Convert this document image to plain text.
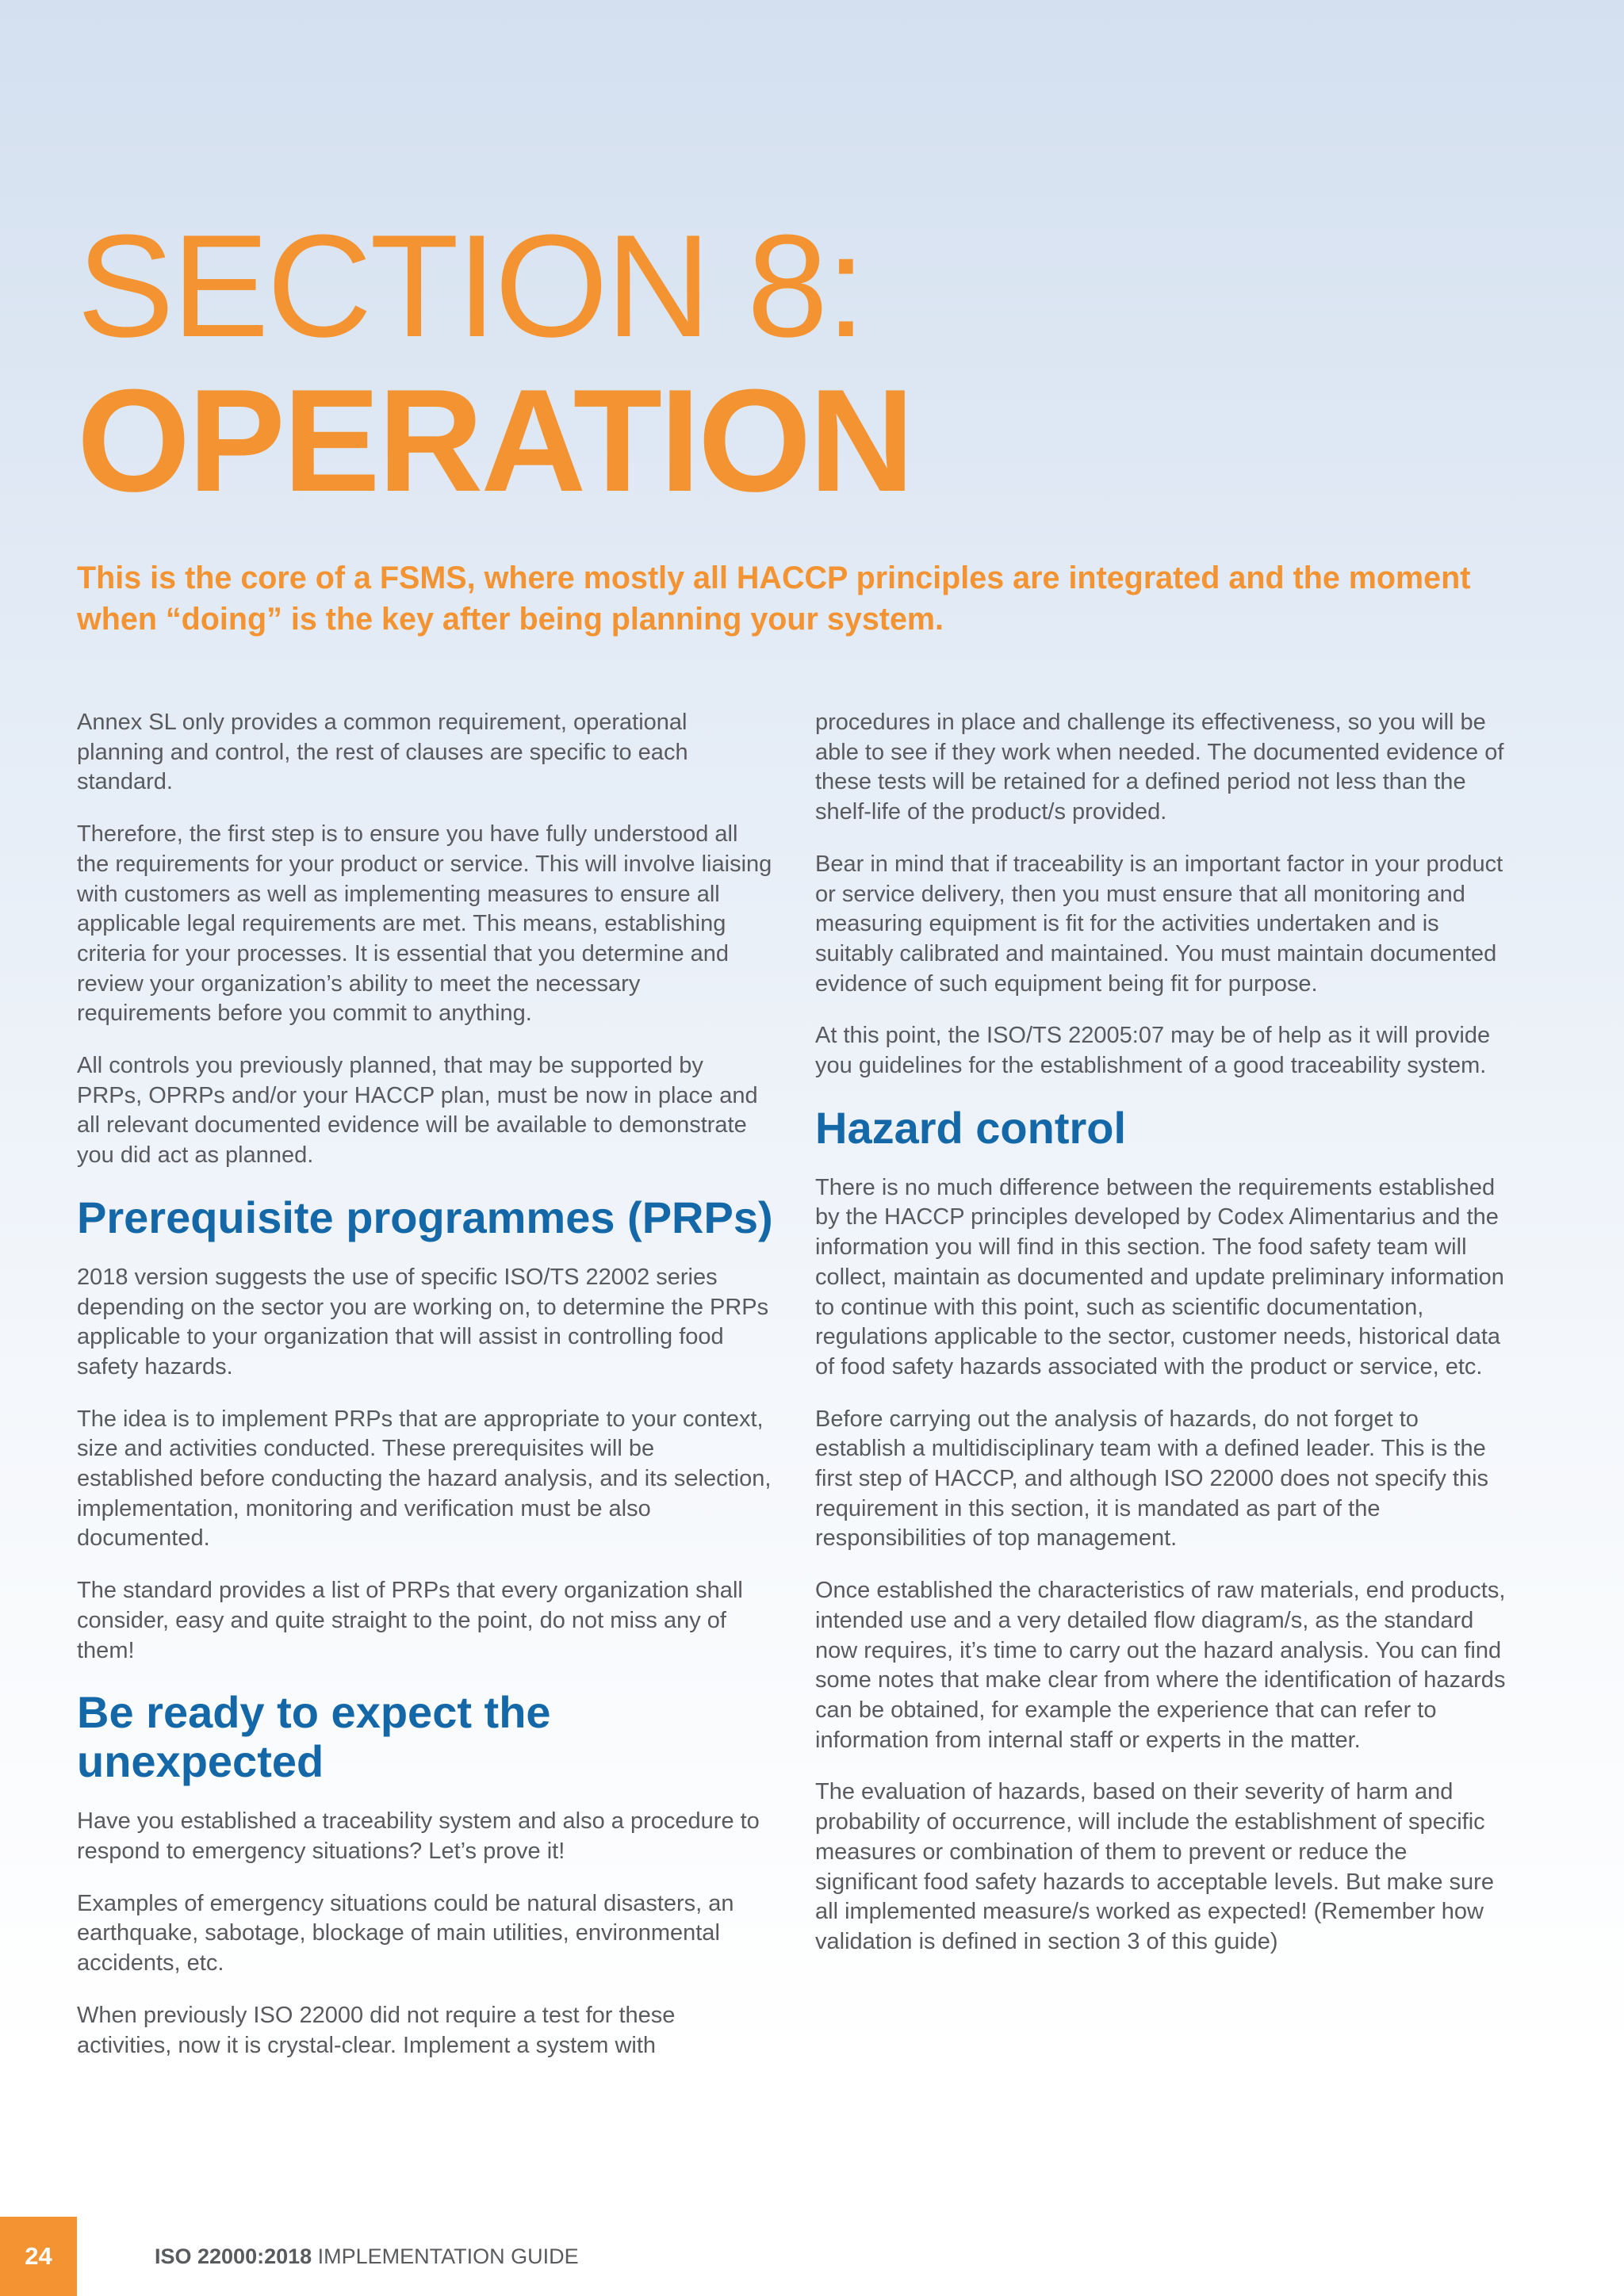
SECTION 8:
OPERATION

This is the core of a FSMS, where mostly all HACCP principles are integrated and the moment when “doing” is the key after being planning your system.

Annex SL only provides a common requirement, operational planning and control, the rest of clauses are specific to each standard.

Therefore, the first step is to ensure you have fully understood all the requirements for your product or service. This will involve liaising with customers as well as implementing measures to ensure all applicable legal requirements are met. This means, establishing criteria for your processes. It is essential that you determine and review your organization’s ability to meet the necessary requirements before you commit to anything.

All controls you previously planned, that may be supported by PRPs, OPRPs and/or your HACCP plan, must be now in place and all relevant documented evidence will be available to demonstrate you did act as planned.

Prerequisite programmes (PRPs)

2018 version suggests the use of specific ISO/TS 22002 series depending on the sector you are working on, to determine the PRPs applicable to your organization that will assist in controlling food safety hazards.

The idea is to implement PRPs that are appropriate to your context, size and activities conducted. These prerequisites will be established before conducting the hazard analysis, and its selection, implementation, monitoring and verification must be also documented.

The standard provides a list of PRPs that every organization shall consider, easy and quite straight to the point, do not miss any of them!

Be ready to expect the unexpected

Have you established a traceability system and also a procedure to respond to emergency situations? Let’s prove it!

Examples of emergency situations could be natural disasters, an earthquake, sabotage, blockage of main utilities, environmental accidents, etc.

When previously ISO 22000 did not require a test for these activities, now it is crystal-clear. Implement a system with

procedures in place and challenge its effectiveness, so you will be able to see if they work when needed. The documented evidence of these tests will be retained for a defined period not less than the shelf-life of the product/s provided.

Bear in mind that if traceability is an important factor in your product or service delivery, then you must ensure that all monitoring and measuring equipment is fit for the activities undertaken and is suitably calibrated and maintained. You must maintain documented evidence of such equipment being fit for purpose.

At this point, the ISO/TS 22005:07 may be of help as it will provide you guidelines for the establishment of a good traceability system.

Hazard control

There is no much difference between the requirements established by the HACCP principles developed by Codex Alimentarius and the information you will find in this section. The food safety team will collect, maintain as documented and update preliminary information to continue with this point, such as scientific documentation, regulations applicable to the sector, customer needs, historical data of food safety hazards associated with the product or service, etc.

Before carrying out the analysis of hazards, do not forget to establish a multidisciplinary team with a defined leader. This is the first step of HACCP, and although ISO 22000 does not specify this requirement in this section, it is mandated as part of the responsibilities of top management.

Once established the characteristics of raw materials, end products, intended use and a very detailed flow diagram/s, as the standard now requires, it’s time to carry out the hazard analysis. You can find some notes that make clear from where the identification of hazards can be obtained, for example the experience that can refer to information from internal staff or experts in the matter.

The evaluation of hazards, based on their severity of harm and probability of occurrence, will include the establishment of specific measures or combination of them to prevent or reduce the significant food safety hazards to acceptable levels. But make sure all implemented measure/s worked as expected! (Remember how validation is defined in section 3 of this guide)

24	ISO 22000:2018 IMPLEMENTATION GUIDE
